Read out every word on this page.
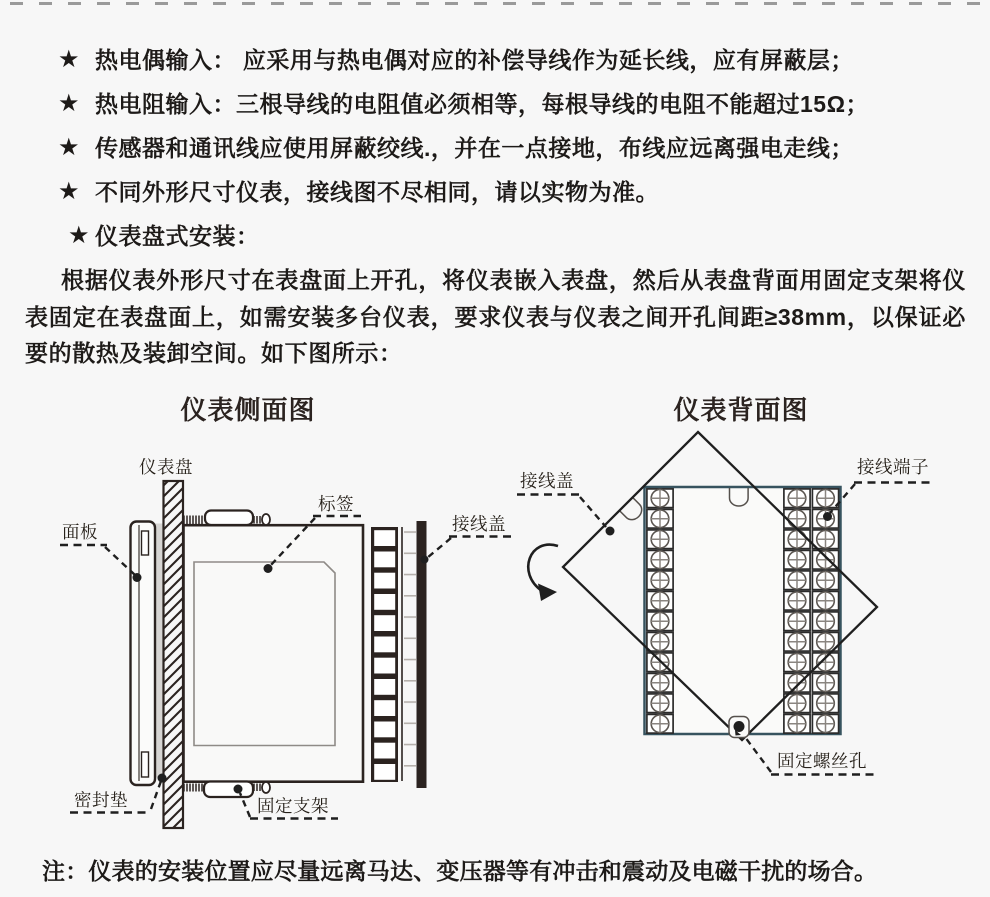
★ 热电偶输入： 应采用与热电偶对应的补偿导线作为延长线，应有屏蔽层；
★ 热电阻输入：三根导线的电阻值必须相等，每根导线的电阻不能超过15Ω；
★ 传感器和通讯线应使用屏蔽绞线.，并在一点接地，布线应远离强电走线；
★ 不同外形尺寸仪表，接线图不尽相同，请以实物为准。
★ 仪表盘式安装：
根据仪表外形尺寸在表盘面上开孔，将仪表嵌入表盘，然后从表盘背面用固定支架将仪表固定在表盘面上，如需安装多台仪表，要求仪表与仪表之间开孔间距≥38mm，以保证必要的散热及装卸空间。如下图所示：
仪表侧面图	仪表背面图
仪表盘
面板
标签
接线盖
密封垫	固定支架
接线盖
接线端子
固定螺丝孔
注：仪表的安装位置应尽量远离马达、变压器等有冲击和震动及电磁干扰的场合。
